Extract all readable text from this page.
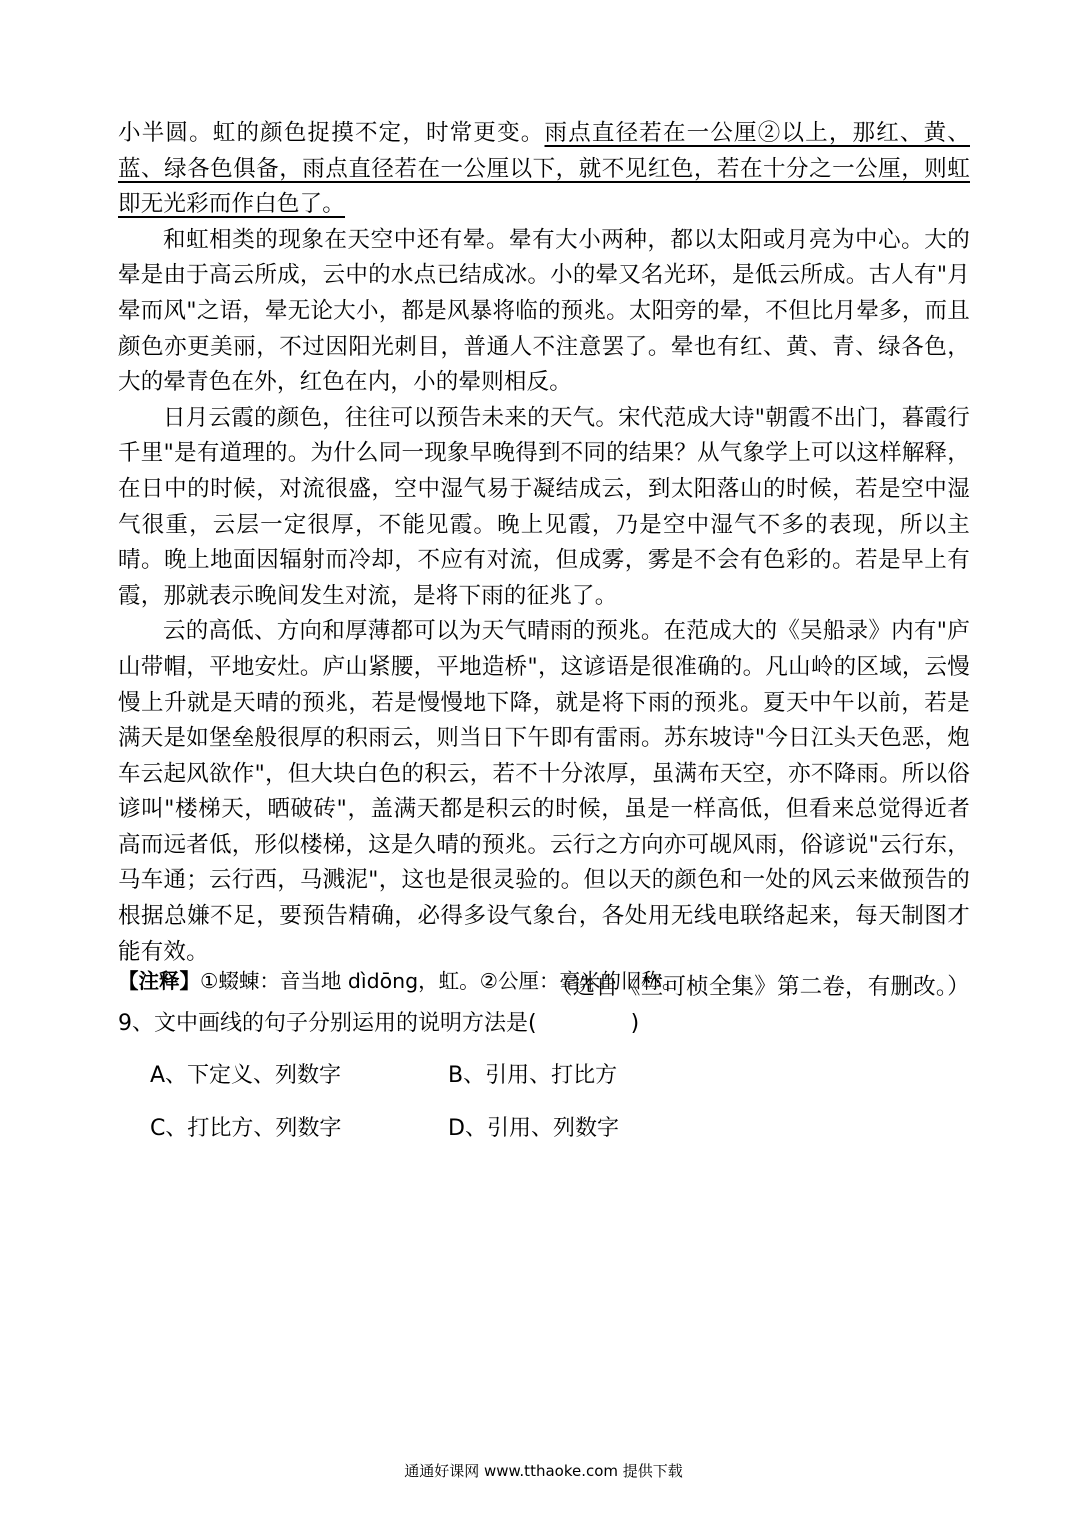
小半圆。虹的颜色捉摸不定，时常更变。雨点直径若在一公厘②以上，那红、黄、蓝、绿各色俱备，雨点直径若在一公厘以下，就不见红色，若在十分之一公厘，则虹即无光彩而作白色了。

和虹相类的现象在天空中还有晕。晕有大小两种，都以太阳或月亮为中心。大的晕是由于高云所成，云中的水点已结成冰。小的晕又名光环，是低云所成。古人有"月晕而风"之语，晕无论大小，都是风暴将临的预兆。太阳旁的晕，不但比月晕多，而且颜色亦更美丽，不过因阳光刺目，普通人不注意罢了。晕也有红、黄、青、绿各色，大的晕青色在外，红色在内，小的晕则相反。

日月云霞的颜色，往往可以预告未来的天气。宋代范成大诗"朝霞不出门，暮霞行千里"是有道理的。为什么同一现象早晚得到不同的结果？从气象学上可以这样解释，在日中的时候，对流很盛，空中湿气易于凝结成云，到太阳落山的时候，若是空中湿气很重，云层一定很厚，不能见霞。晚上见霞，乃是空中湿气不多的表现，所以主晴。晚上地面因辐射而冷却，不应有对流，但成雾，雾是不会有色彩的。若是早上有霞，那就表示晚间发生对流，是将下雨的征兆了。

云的高低、方向和厚薄都可以为天气晴雨的预兆。在范成大的《吴船录》内有"庐山带帽，平地安灶。庐山紧腰，平地造桥"，这谚语是很准确的。凡山岭的区域，云慢慢上升就是天晴的预兆，若是慢慢地下降，就是将下雨的预兆。夏天中午以前，若是满天是如堡垒般很厚的积雨云，则当日下午即有雷雨。苏东坡诗"今日江头天色恶，炮车云起风欲作"，但大块白色的积云，若不十分浓厚，虽满布天空，亦不降雨。所以俗谚叫"楼梯天，晒破砖"，盖满天都是积云的时候，虽是一样高低，但看来总觉得近者高而远者低，形似楼梯，这是久晴的预兆。云行之方向亦可觇风雨，俗谚说"云行东，马车通；云行西，马溅泥"，这也是很灵验的。但以天的颜色和一处的风云来做预告的根据总嫌不足，要预告精确，必得多设气象台，各处用无线电联络起来，每天制图才能有效。

（选自《竺可桢全集》第二卷，有删改。）

【注释】①蝃蝀：音当地 dìdōng，虹。②公厘：毫米的旧称。
9、文中画线的句子分别运用的说明方法是(	)
A、下定义、列数字	B、引用、打比方
C、打比方、列数字	D、引用、列数字
通通好课网 www.tthaoke.com 提供下载
